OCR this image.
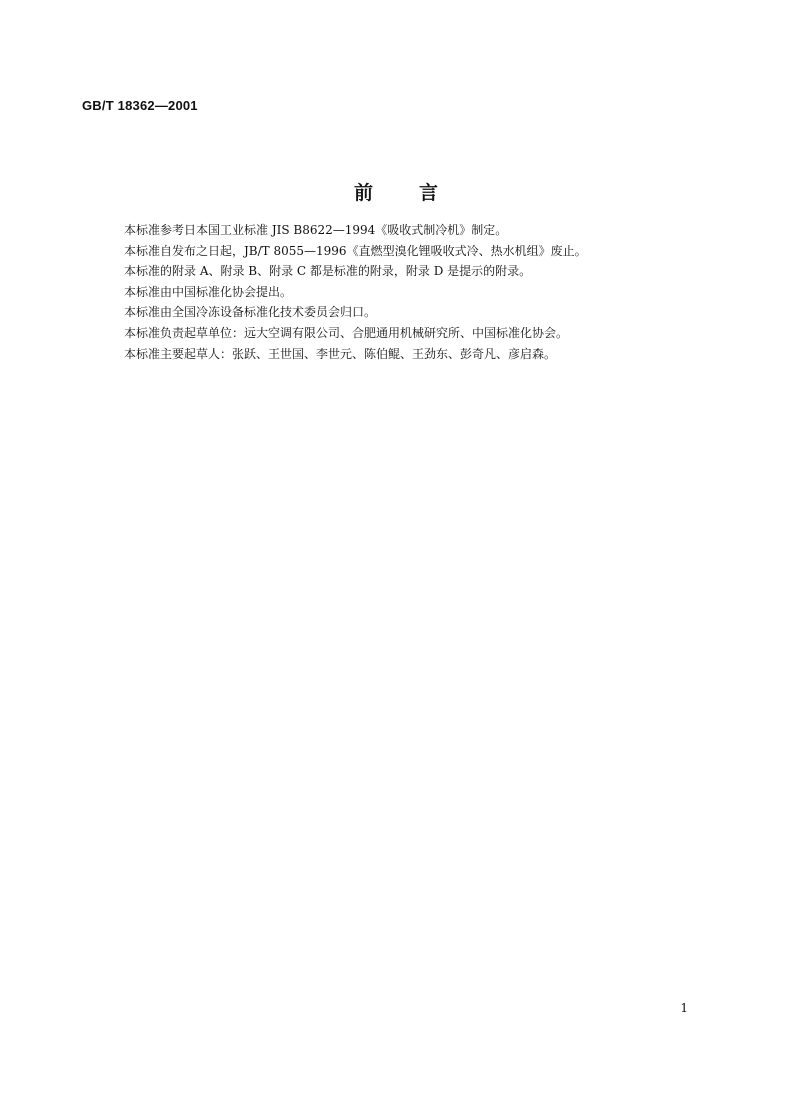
GB/T 18362—2001
前言
本标准参考日本国工业标准 JIS B8622—1994《吸收式制冷机》制定。
本标准自发布之日起，JB/T 8055—1996《直燃型溴化锂吸收式冷、热水机组》废止。
本标准的附录 A、附录 B、附录 C 都是标准的附录，附录 D 是提示的附录。
本标准由中国标准化协会提出。
本标准由全国冷冻设备标准化技术委员会归口。
本标准负责起草单位：远大空调有限公司、合肥通用机械研究所、中国标准化协会。
本标准主要起草人：张跃、王世国、李世元、陈伯鲲、王劲东、彭奇凡、彦启森。
1
